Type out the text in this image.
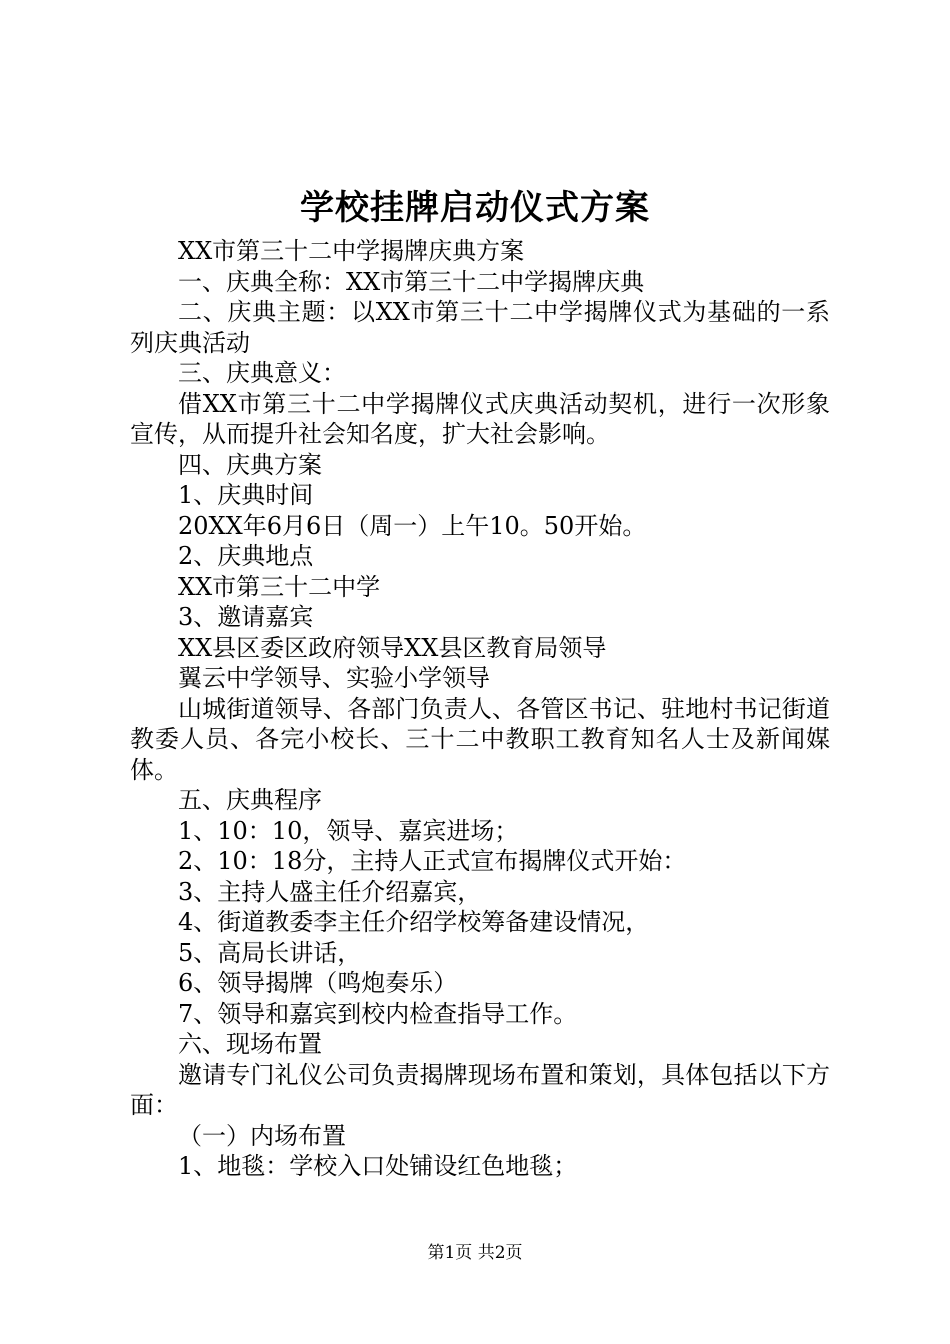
学校挂牌启动仪式方案

XX市第三十二中学揭牌庆典方案

一、庆典全称：XX市第三十二中学揭牌庆典

二、庆典主题：以XX市第三十二中学揭牌仪式为基础的一系列庆典活动

三、庆典意义：

借XX市第三十二中学揭牌仪式庆典活动契机，进行一次形象宣传，从而提升社会知名度，扩大社会影响。

四、庆典方案

1、庆典时间

20XX年6月6日（周一）上午10。50开始。

2、庆典地点

XX市第三十二中学

3、邀请嘉宾

XX县区委区政府领导XX县区教育局领导

翼云中学领导、实验小学领导

山城街道领导、各部门负责人、各管区书记、驻地村书记街道教委人员、各完小校长、三十二中教职工教育知名人士及新闻媒体。

五、庆典程序

1、10：10，领导、嘉宾进场；

2、10：18分，主持人正式宣布揭牌仪式开始：

3、主持人盛主任介绍嘉宾，

4、街道教委李主任介绍学校筹备建设情况，

5、高局长讲话，

6、领导揭牌（鸣炮奏乐）

7、领导和嘉宾到校内检查指导工作。

六、现场布置

邀请专门礼仪公司负责揭牌现场布置和策划，具体包括以下方面：

（一）内场布置

1、地毯：学校入口处铺设红色地毯；

第1页 共2页
